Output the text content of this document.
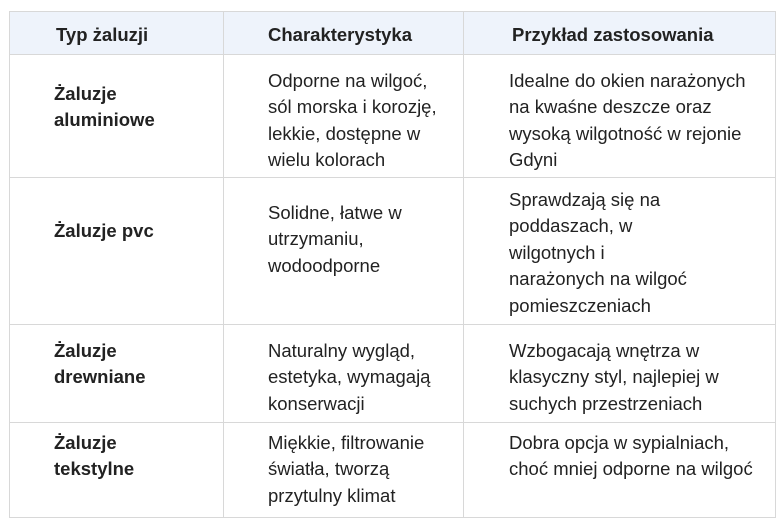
Typ żaluzji	Charakterystyka	Przykład zastosowania

Żaluzje
aluminiowe	Odporne na wilgoć,
sól morska i korozję,
lekkie, dostępne w
wielu kolorach	Idealne do okien narażonych
na kwaśne deszcze oraz
wysoką wilgotność w rejonie
Gdyni

Żaluzje pvc	Solidne, łatwe w
utrzymaniu,
wodoodporne	Sprawdzają się na
poddaszach, w
wilgotnych i
narażonych na wilgoć
pomieszczeniach

Żaluzje
drewniane	Naturalny wygląd,
estetyka, wymagają
konserwacji	Wzbogacają wnętrza w
klasyczny styl, najlepiej w
suchych przestrzeniach

Żaluzje
tekstylne	Miękkie, filtrowanie
światła, tworzą
przytulny klimat	Dobra opcja w sypialniach,
choć mniej odporne na wilgoć
